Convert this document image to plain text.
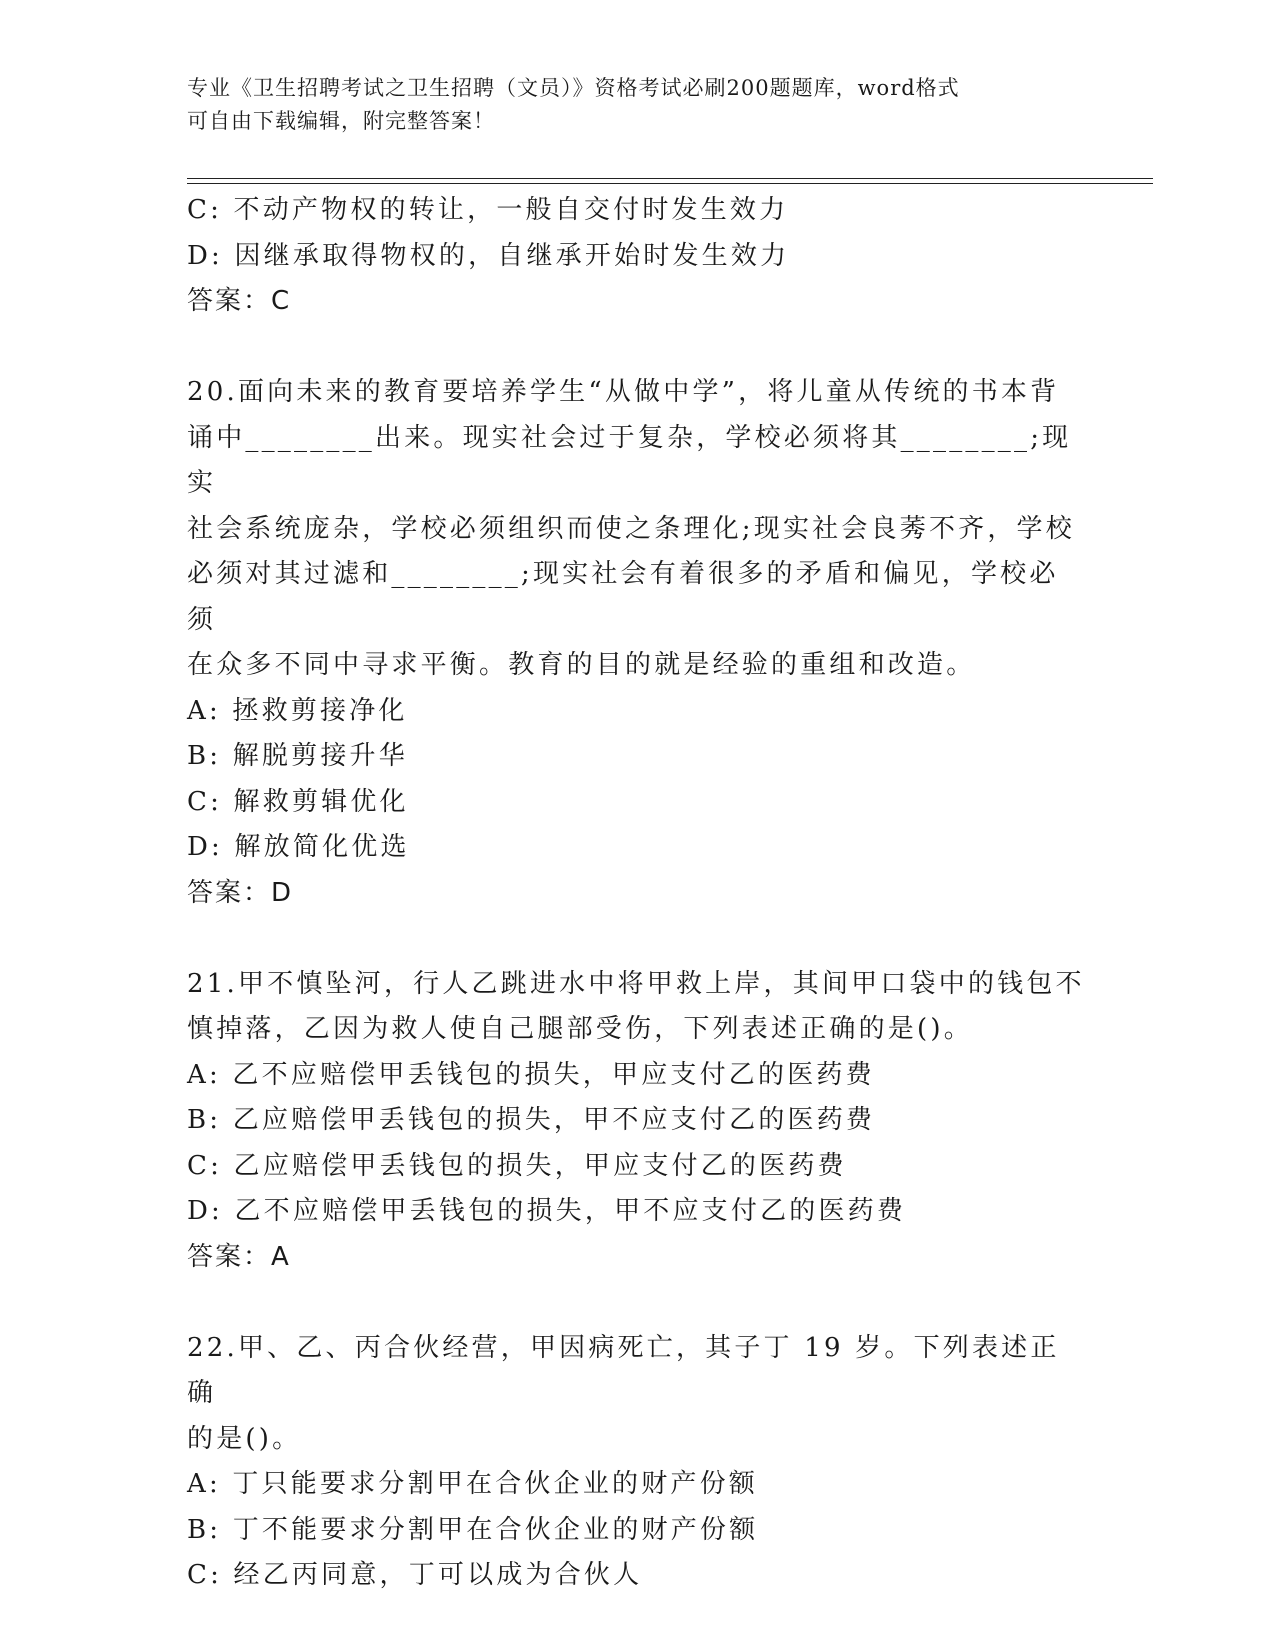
专业《卫生招聘考试之卫生招聘（文员）》资格考试必刷200题题库，word格式
可自由下载编辑，附完整答案！
C: 不动产物权的转让，一般自交付时发生效力
D: 因继承取得物权的，自继承开始时发生效力
答案：C
20.面向未来的教育要培养学生“从做中学”，将儿童从传统的书本背
诵中________出来。现实社会过于复杂，学校必须将其________;现实
社会系统庞杂，学校必须组织而使之条理化;现实社会良莠不齐，学校
必须对其过滤和________;现实社会有着很多的矛盾和偏见，学校必须
在众多不同中寻求平衡。教育的目的就是经验的重组和改造。
A: 拯救剪接净化
B: 解脱剪接升华
C: 解救剪辑优化
D: 解放简化优选
答案：D
21.甲不慎坠河，行人乙跳进水中将甲救上岸，其间甲口袋中的钱包不
慎掉落，乙因为救人使自己腿部受伤，下列表述正确的是()。
A: 乙不应赔偿甲丢钱包的损失，甲应支付乙的医药费
B: 乙应赔偿甲丢钱包的损失，甲不应支付乙的医药费
C: 乙应赔偿甲丢钱包的损失，甲应支付乙的医药费
D: 乙不应赔偿甲丢钱包的损失，甲不应支付乙的医药费
答案：A
22.甲、乙、丙合伙经营，甲因病死亡，其子丁 19 岁。下列表述正确
的是()。
A: 丁只能要求分割甲在合伙企业的财产份额
B: 丁不能要求分割甲在合伙企业的财产份额
C: 经乙丙同意，丁可以成为合伙人
